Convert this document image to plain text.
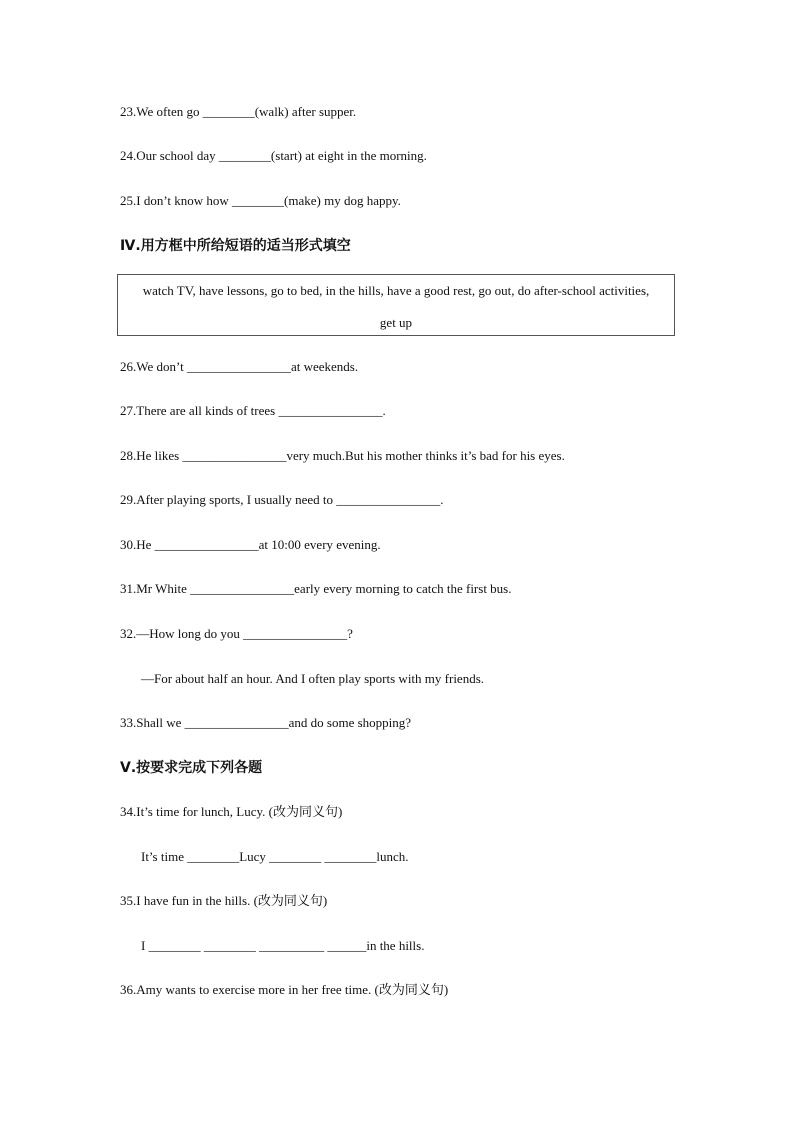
23.We often go ________(walk) after supper.
24.Our school day ________(start) at eight in the morning.
25.I don’t know how ________(make) my dog happy.
Ⅳ.用方框中所给短语的适当形式填空
watch TV, have lessons, go to bed, in the hills, have a good rest, go out, do after-school activities,
get up
26.We don’t ________________at weekends.
27.There are all kinds of trees ________________.
28.He likes ________________very much.But his mother thinks it’s bad for his eyes.
29.After playing sports, I usually need to ________________.
30.He ________________at 10:00 every evening.
31.Mr White ________________early every morning to catch the first bus.
32.—How long do you ________________?
—For about half an hour. And I often play sports with my friends.
33.Shall we ________________and do some shopping?
Ⅴ.按要求完成下列各题
34.It’s time for lunch, Lucy. (改为同义句)
It’s time ________Lucy ________ ________lunch.
35.I have fun in the hills. (改为同义句)
I ________ ________ __________ ______in the hills.
36.Amy wants to exercise more in her free time. (改为同义句)
